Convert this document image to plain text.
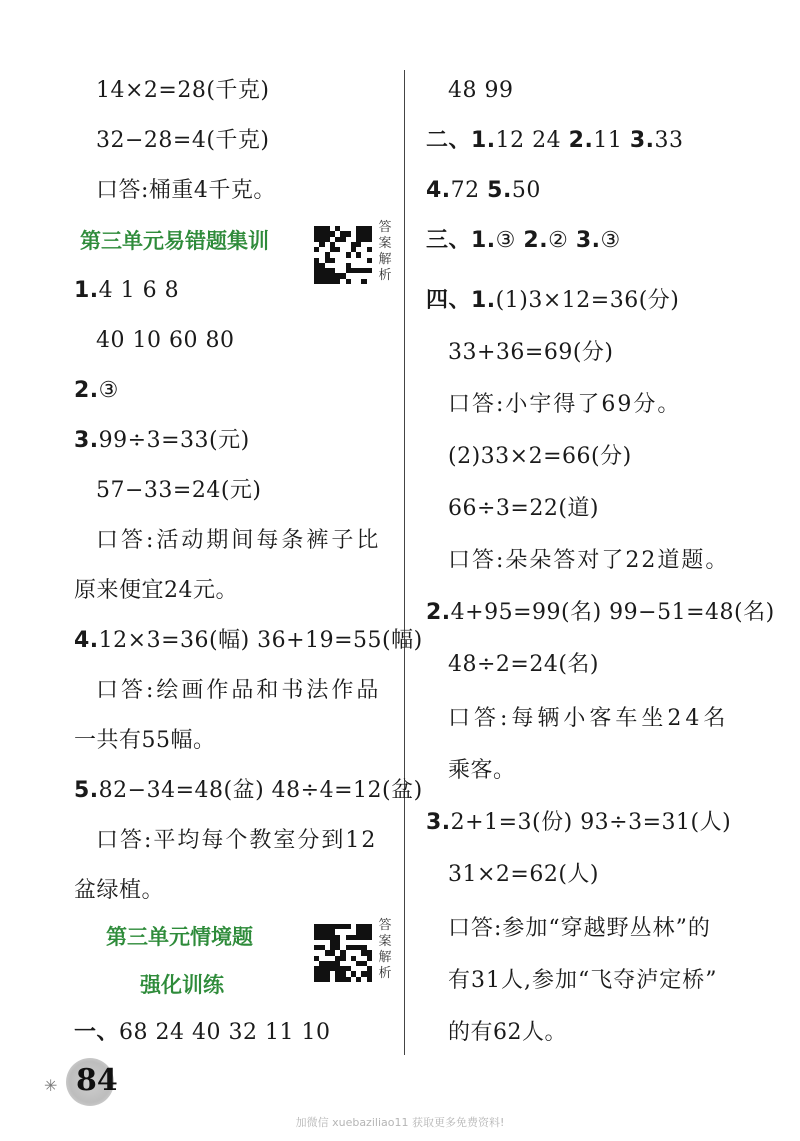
14×2=28(千克)
32−28=4(千克)
口答:桶重4千克。
第三单元易错题集训
答案解析
1.4 1 6 8
40 10 60 80
2.③
3.99÷3=33(元)
57−33=24(元)
口答:活动期间每条裤子比
原来便宜24元。
4.12×3=36(幅) 36+19=55(幅)
口答:绘画作品和书法作品
一共有55幅。
5.82−34=48(盆) 48÷4=12(盆)
口答:平均每个教室分到12
盆绿植。
第三单元情境题
强化训练
答案解析
一、68 24 40 32 11 10
48 99
二、1.12 24 2.11 3.33
4.72 5.50
三、1.③ 2.② 3.③
四、1.(1)3×12=36(分)
33+36=69(分)
口答:小宇得了69分。
(2)33×2=66(分)
66÷3=22(道)
口答:朵朵答对了22道题。
2.4+95=99(名) 99−51=48(名)
48÷2=24(名)
口答:每辆小客车坐24名
乘客。
3.2+1=3(份) 93÷3=31(人)
31×2=62(人)
口答:参加“穿越野丛林”的
有31人,参加“飞夺泸定桥”
的有62人。
✳ 84
加微信 xuebaziliao11 获取更多免费资料!
